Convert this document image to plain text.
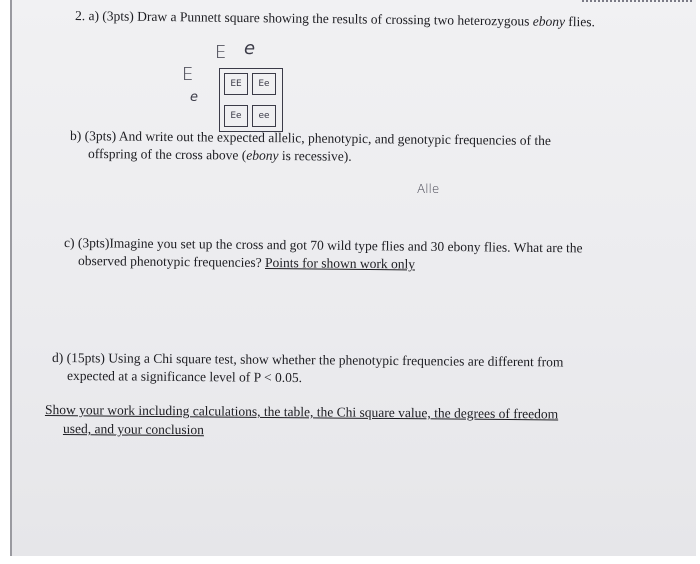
2. a) (3pts) Draw a Punnett square showing the results of crossing two heterozygous ebony flies.
E e
E
e
EE	Ee
Ee	ee
b) (3pts) And write out the expected allelic, phenotypic, and genotypic frequencies of the
offspring of the cross above (ebony is recessive).
Alle
c) (3pts)Imagine you set up the cross and got 70 wild type flies and 30 ebony flies. What are the
observed phenotypic frequencies? Points for shown work only
d) (15pts) Using a Chi square test, show whether the phenotypic frequencies are different from
expected at a significance level of P < 0.05.
Show your work including calculations, the table, the Chi square value, the degrees of freedom
used, and your conclusion
